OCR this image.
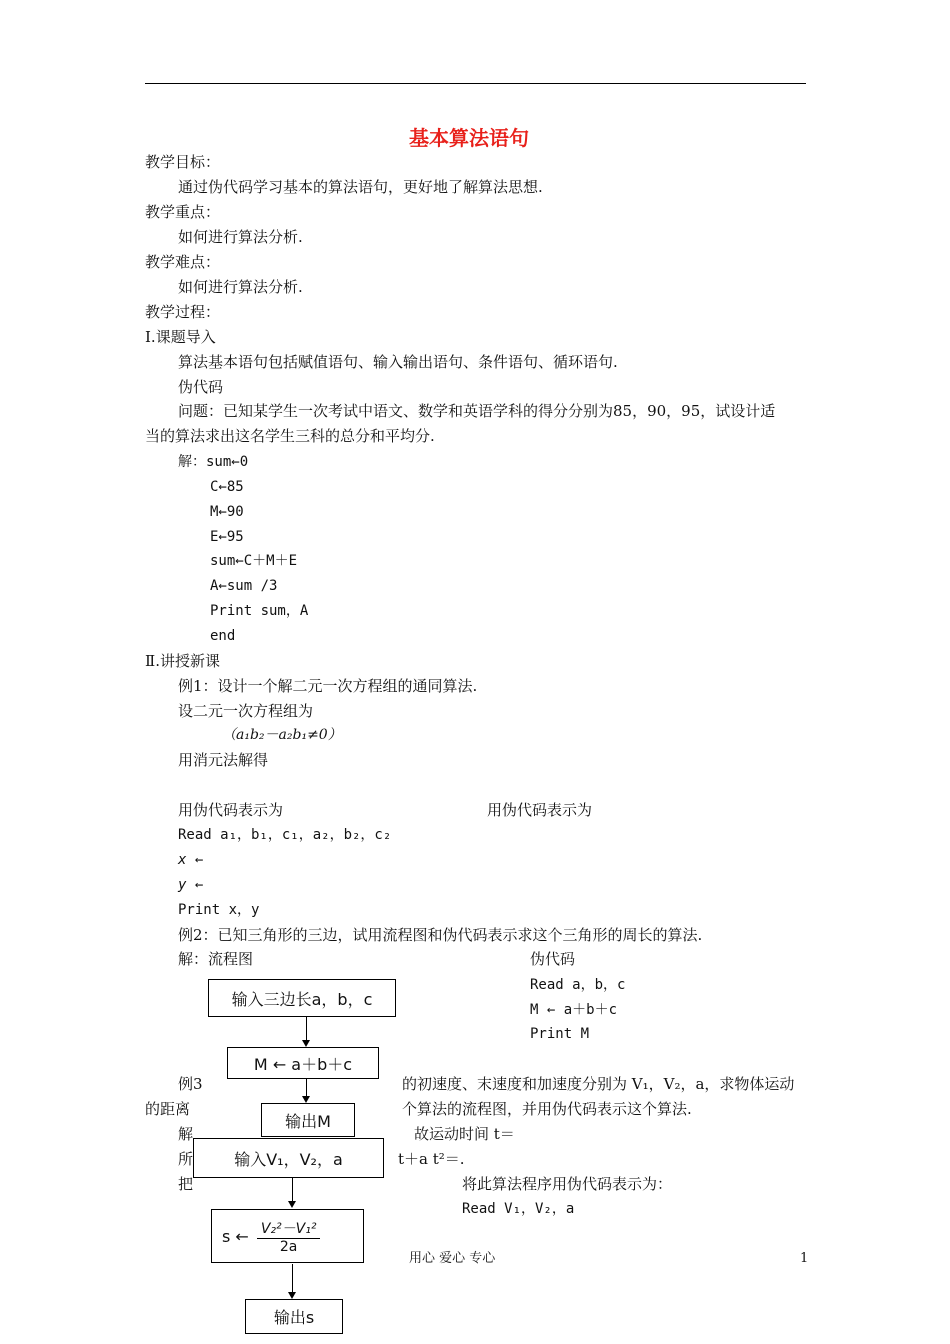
基本算法语句
教学目标：
通过伪代码学习基本的算法语句，更好地了解算法思想.
教学重点：
如何进行算法分析.
教学难点：
如何进行算法分析.
教学过程：
Ⅰ.课题导入
算法基本语句包括赋值语句、输入输出语句、条件语句、循环语句.
伪代码
问题：已知某学生一次考试中语文、数学和英语学科的得分分别为85，90，95，试设计适
当的算法求出这名学生三科的总分和平均分.
解：sum←0
C←85
M←90
E←95
sum←C＋M＋E
A←sum /3
Print sum，A
end
Ⅱ.讲授新课
例1：设计一个解二元一次方程组的通同算法.
设二元一次方程组为
（a₁b₂－a₂b₁≠0）
用消元法解得
用伪代码表示为	用伪代码表示为
Read a₁，b₁，c₁，a₂，b₂，c₂
x ←
y ←
Print x，y
例2：已知三角形的三边，试用流程图和伪代码表示求这个三角形的周长的算法.
解：流程图	伪代码
Read a，b，c
M ← a＋b＋c
Print M
例3	的初速度、末速度和加速度分别为 V₁，V₂，a，求物体运动
的距离	个算法的流程图，并用伪代码表示这个算法.
解	故运动时间 t＝
所	t＋a t²＝.
把	将此算法程序用伪代码表示为：
Read V₁，V₂，a
输入三边长a，b，c
M ← a＋b＋c
输出M
输入V₁，V₂，a
s ← $\frac{\text{V₂²－V₁²}}{2a}$
输出s
用心 爱心 专心	1
